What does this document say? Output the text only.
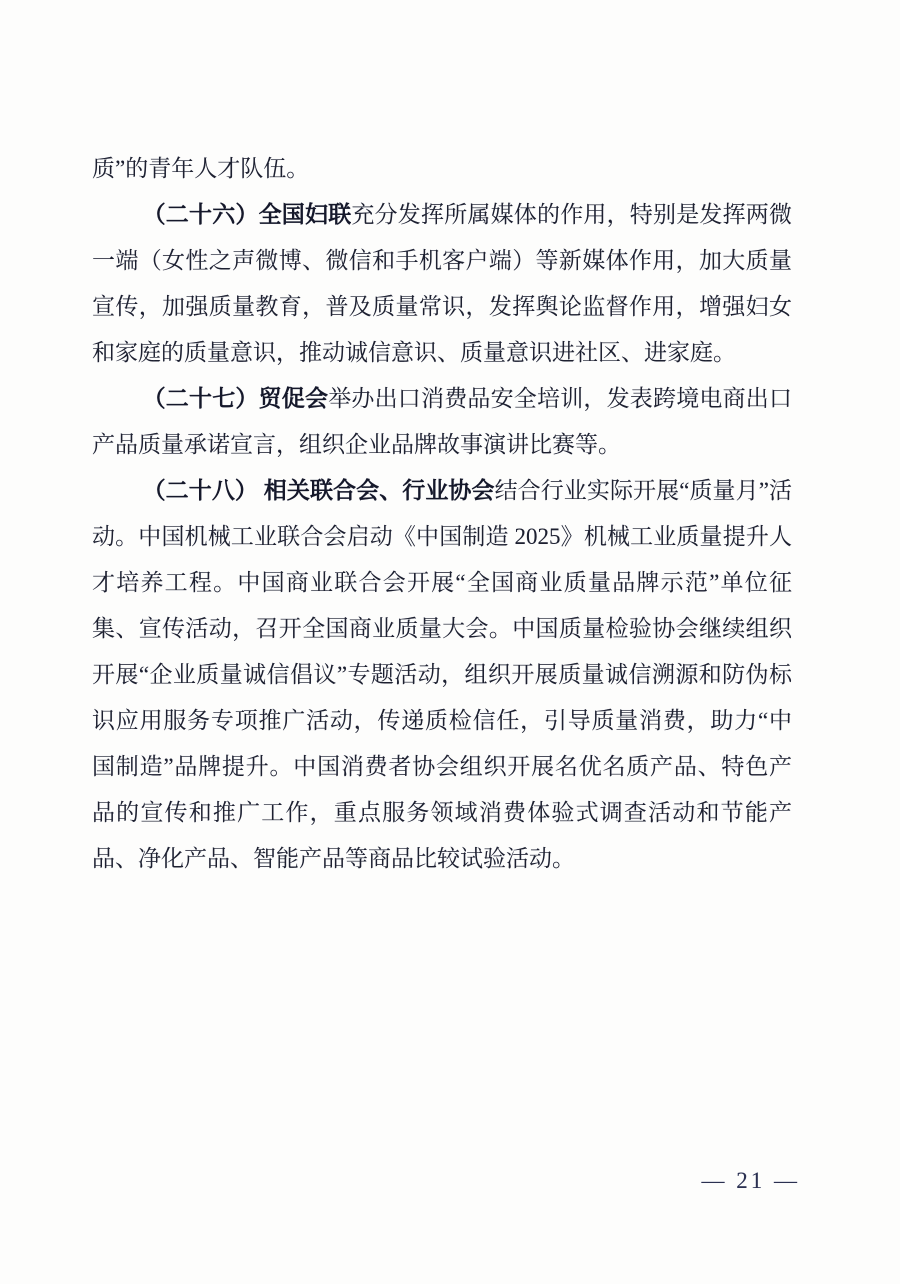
质”的青年人才队伍。

（二十六）全国妇联充分发挥所属媒体的作用，特别是发挥两微一端（女性之声微博、微信和手机客户端）等新媒体作用，加大质量宣传，加强质量教育，普及质量常识，发挥舆论监督作用，增强妇女和家庭的质量意识，推动诚信意识、质量意识进社区、进家庭。

（二十七）贸促会举办出口消费品安全培训，发表跨境电商出口产品质量承诺宣言，组织企业品牌故事演讲比赛等。

（二十八） 相关联合会、行业协会结合行业实际开展“质量月”活动。中国机械工业联合会启动《中国制造 2025》机械工业质量提升人才培养工程。中国商业联合会开展“全国商业质量品牌示范”单位征集、宣传活动，召开全国商业质量大会。中国质量检验协会继续组织开展“企业质量诚信倡议”专题活动，组织开展质量诚信溯源和防伪标识应用服务专项推广活动，传递质检信任，引导质量消费，助力“中国制造”品牌提升。中国消费者协会组织开展名优名质产品、特色产品的宣传和推广工作，重点服务领域消费体验式调查活动和节能产品、净化产品、智能产品等商品比较试验活动。

— 21 —
